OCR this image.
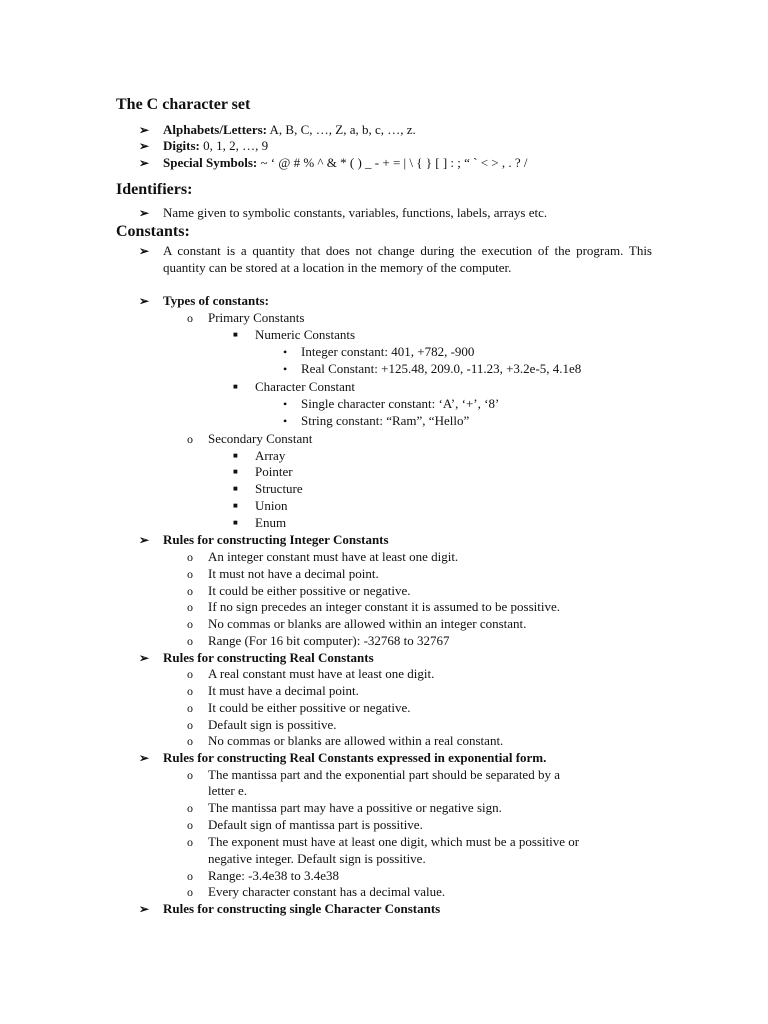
The C character set
➢ Alphabets/Letters: A, B, C, …, Z, a, b, c, …, z.
➢ Digits: 0, 1, 2, …, 9
➢ Special Symbols: ~ ‘ @ # % ^ & * ( ) _ - + = | \ { } [ ] : ; “ ` < > , . ? /
Identifiers:
➢ Name given to symbolic constants, variables, functions, labels, arrays etc.
Constants:
➢ A constant is a quantity that does not change during the execution of the program. This quantity can be stored at a location in the memory of the computer.
➢ Types of constants:
o Primary Constants
■ Numeric Constants
• Integer constant: 401, +782, -900
• Real Constant: +125.48, 209.0, -11.23, +3.2e-5, 4.1e8
■ Character Constant
• Single character constant: ‘A’, ‘+’, ‘8’
• String constant: “Ram”, “Hello”
o Secondary Constant
■ Array
■ Pointer
■ Structure
■ Union
■ Enum
➢ Rules for constructing Integer Constants
o An integer constant must have at least one digit.
o It must not have a decimal point.
o It could be either possitive or negative.
o If no sign precedes an integer constant it is assumed to be possitive.
o No commas or blanks are allowed within an integer constant.
o Range (For 16 bit computer): -32768 to 32767
➢ Rules for constructing Real Constants
o A real constant must have at least one digit.
o It must have a decimal point.
o It could be either possitive or negative.
o Default sign is possitive.
o No commas or blanks are allowed within a real constant.
➢ Rules for constructing Real Constants expressed in exponential form.
o The mantissa part and the exponential part should be separated by a
letter e.
o The mantissa part may have a possitive or negative sign.
o Default sign of mantissa part is possitive.
o The exponent must have at least one digit, which must be a possitive or
negative integer. Default sign is possitive.
o Range: -3.4e38 to 3.4e38
o Every character constant has a decimal value.
➢ Rules for constructing single Character Constants
